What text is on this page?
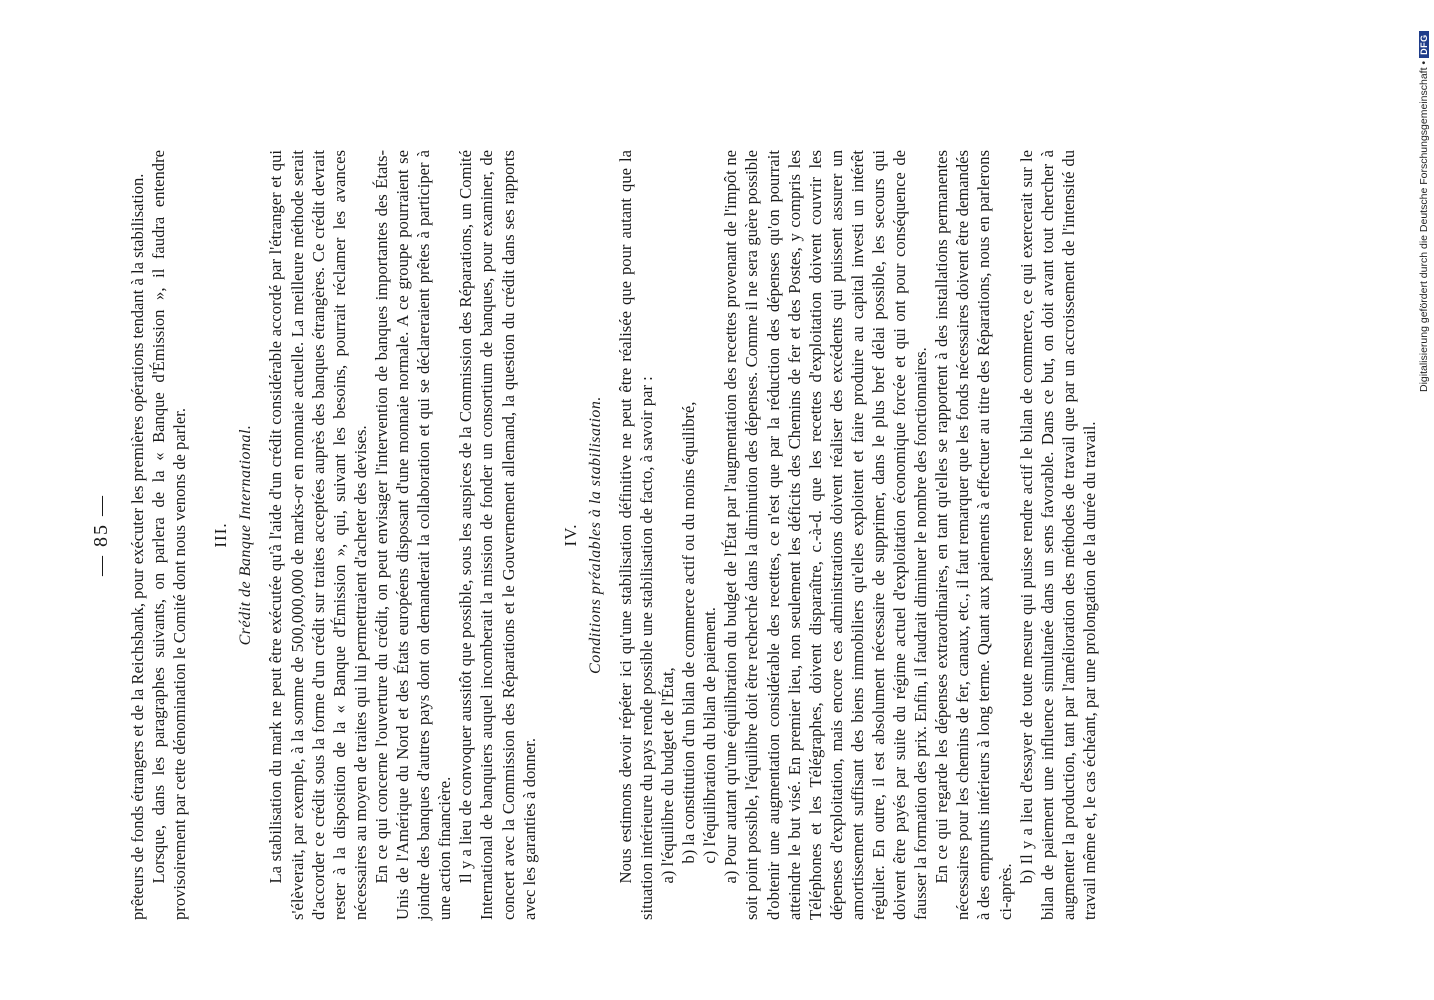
— 85 — prêteurs de fonds étrangers et de la Reichsbank, pour exécuter les premières opérations tendant à la stabilisation. Lorsque, dans les paragraphes suivants, on parlera de la « Banque d'Émission », il faudra entendre provisoirement par cette dénomination le Comité dont nous venons de parler. III. Crédit de Banque International. La stabilisation du mark ne peut être exécutée qu'à l'aide d'un crédit considérable accordé par l'étranger et qui s'élèverait, par exemple, à la somme de 500,000,000 de marks-or en monnaie actuelle. La meilleure méthode serait d'accorder ce crédit sous la forme d'un crédit sur traites acceptées auprès des banques étrangères. Ce crédit devrait rester à la disposition de la « Banque d'Émission », qui, suivant les besoins, pourrait réclamer les avances nécessaires au moyen de traites qui lui permettraient d'acheter des devises. En ce qui concerne l'ouverture du crédit, on peut envisager l'intervention de banques importantes des États-Unis de l'Amérique du Nord et des États européens disposant d'une monnaie normale. A ce groupe pourraient se joindre des banques d'autres pays dont on demanderait la collaboration et qui se déclareraient prêtes à participer à une action financière. Il y a lieu de convoquer aussitôt que possible, sous les auspices de la Commission des Réparations, un Comité International de banquiers auquel incomberait la mission de fonder un consortium de banques, pour examiner, de concert avec la Commission des Réparations et le Gouvernement allemand, la question du crédit dans ses rapports avec les garanties à donner.

IV. Conditions préalables à la stabilisation. Nous estimons devoir répéter ici qu'une stabilisation définitive ne peut être réalisée que pour autant que la situation intérieure du pays rende possible une stabilisation de facto, à savoir par : a) l'équilibre du budget de l'État, b) la constitution d'un bilan de commerce actif ou du moins équilibré, c) l'équilibration du bilan de paiement. a) Pour autant qu'une équilibration du budget de l'État par l'augmentation des recettes provenant de l'impôt ne soit point possible, l'équilibre doit être recherché dans la diminution des dépenses. Comme il ne sera guère possible d'obtenir une augmentation considérable des recettes, ce n'est que par la réduction des dépenses qu'on pourrait atteindre le but visé. En premier lieu, non seulement les déficits des Chemins de fer et des Postes, y compris les Téléphones et les Télégraphes, doivent disparaître, c.-à-d. que les recettes d'exploitation doivent couvrir les dépenses d'exploitation, mais encore ces administrations doivent réaliser des excédents qui puissent assurer un amortissement suffisant des biens immobiliers qu'elles exploitent et faire produire au capital investi un intérêt régulier. En outre, il est absolument nécessaire de supprimer, dans le plus bref délai possible, les secours qui doivent être payés par suite du régime actuel d'exploitation économique forcée et qui ont pour conséquence de fausser la formation des prix. Enfin, il faudrait diminuer le nombre des fonctionnaires. En ce qui regarde les dépenses extraordinaires, en tant qu'elles se rapportent à des installations permanentes nécessaires pour les chemins de fer, canaux, etc., il faut remarquer que les fonds nécessaires doivent être demandés à des emprunts intérieurs à long terme. Quant aux paiements à effectuer au titre des Réparations, nous en parlerons ci-après.

b) Il y a lieu d'essayer de toute mesure qui puisse rendre actif le bilan de commerce, ce qui exercerait sur le bilan de paiement une influence simultanée dans un sens favorable. Dans ce but, on doit avant tout chercher à augmenter la production, tant par l'amélioration des méthodes de travail que par un accroissement de l'intensité du travail même et, le cas échéant, par une prolongation de la durée du travail.

Digitalisierung gefördert durch die Deutsche Forschungsgemeinschaft •DFG
